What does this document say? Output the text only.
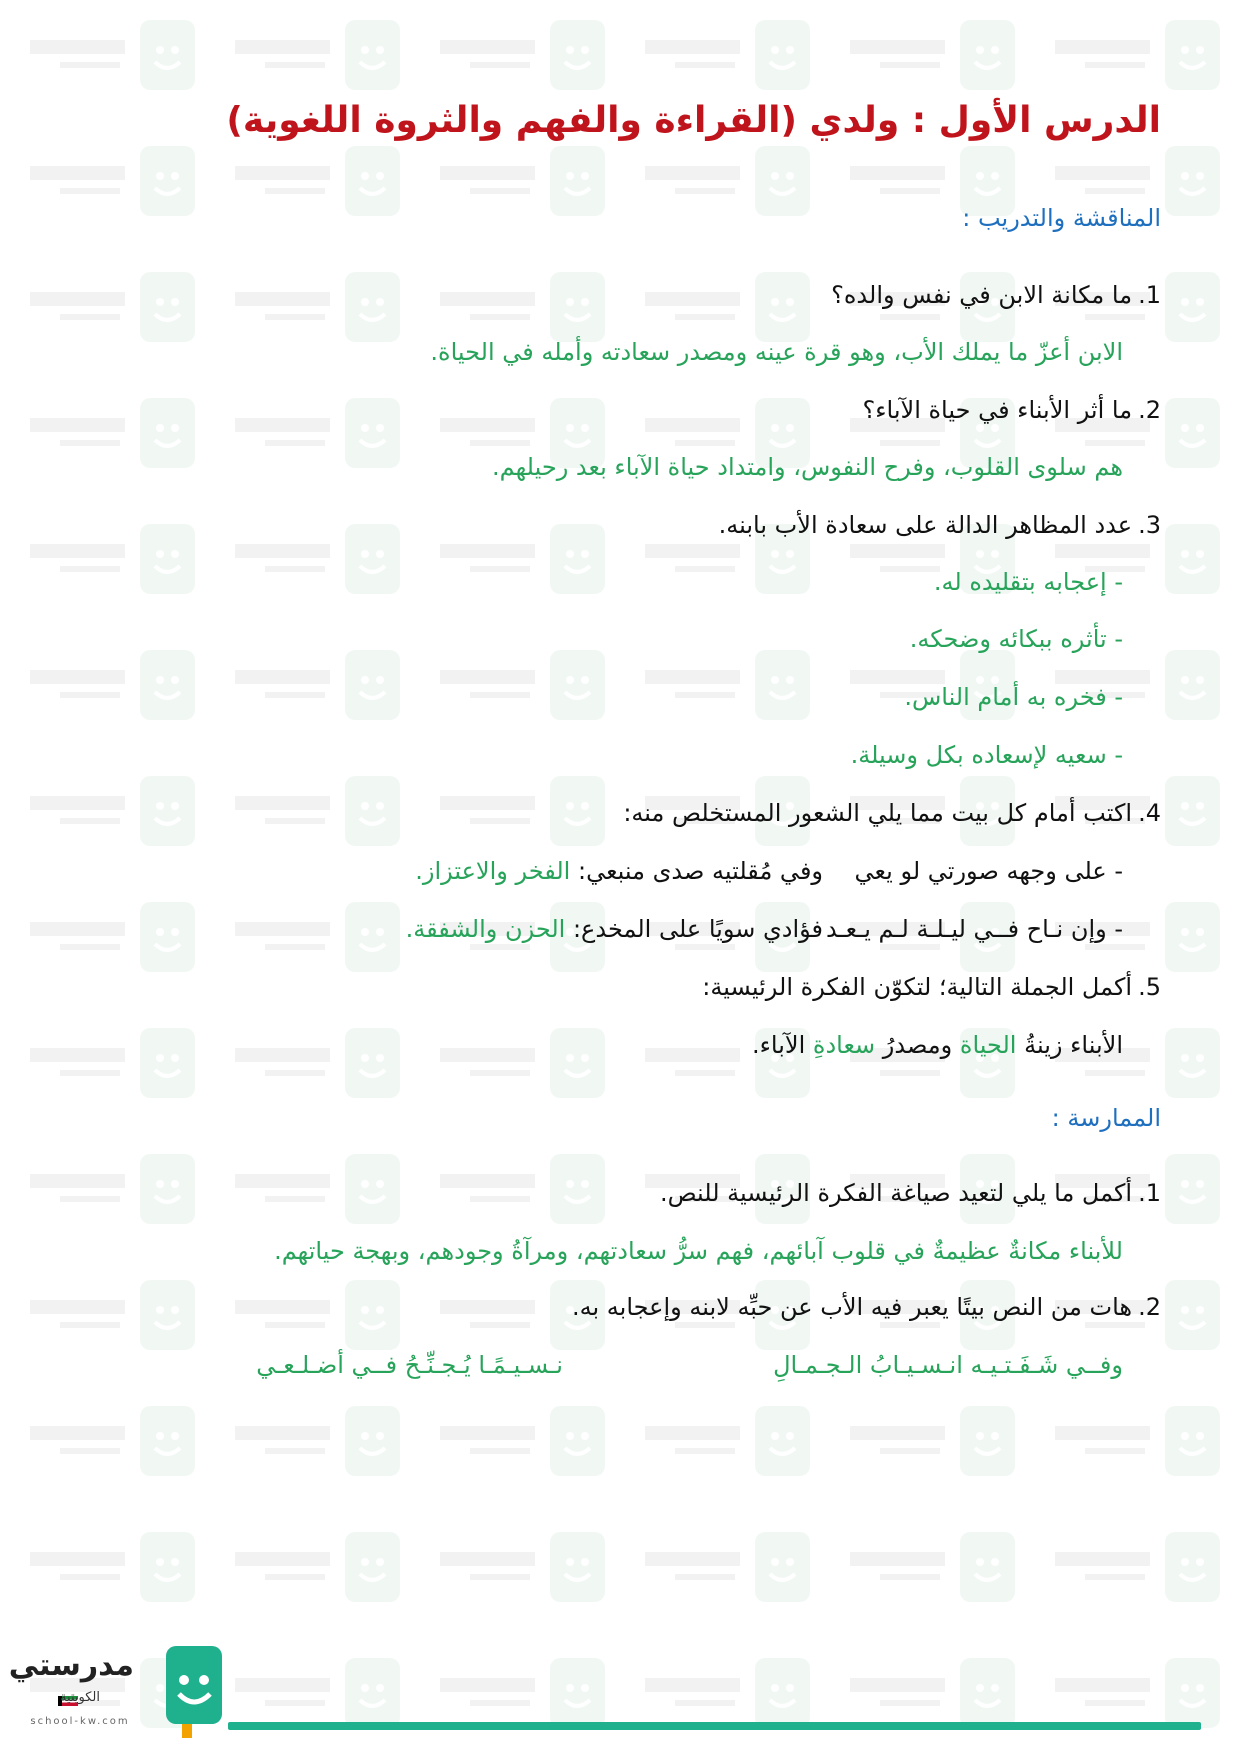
الدرس الأول : ولدي (القراءة والفهم والثروة اللغوية)
المناقشة والتدريب :
1.ما مكانة الابن في نفس والده؟
الابن أعزّ ما يملك الأب، وهو قرة عينه ومصدر سعادته وأمله في الحياة.
2.ما أثر الأبناء في حياة الآباء؟
هم سلوى القلوب، وفرح النفوس، وامتداد حياة الآباء بعد رحيلهم.
3.عدد المظاهر الدالة على سعادة الأب بابنه.
- إعجابه بتقليده له.
- تأثره ببكائه وضحكه.
- فخره به أمام الناس.
- سعيه لإسعاده بكل وسيلة.
4.اكتب أمام كل بيت مما يلي الشعور المستخلص منه:
- على وجهه صورتي لو يعيوفي مُقلتيه صدى منبعي: الفخر والاعتزاز.
- وإن نـاح فــي ليـلـة لـم يـعـدفؤادي سويًا على المخدع: الحزن والشفقة.
5.أكمل الجملة التالية؛ لتكوّن الفكرة الرئيسية:
الأبناء زينةُ الحياة ومصدرُ سعادةِ الآباء.
الممارسة :
1.أكمل ما يلي لتعيد صياغة الفكرة الرئيسية للنص.
للأبناء مكانةٌ عظيمةٌ في قلوب آبائهم، فهم سرُّ سعادتهم، ومرآةُ وجودهم، وبهجة حياتهم.
2.هات من النص بيتًا يعبر فيه الأب عن حبِّه لابنه وإعجابه به.
وفــي شَـفَـتـيـه انـسـيـابُ الـجـمـالِنـسـيـمًـا يُـجـنِّـحُ فــي أضـلـعـي
مدرستي
الكويتية
school-kw.com
